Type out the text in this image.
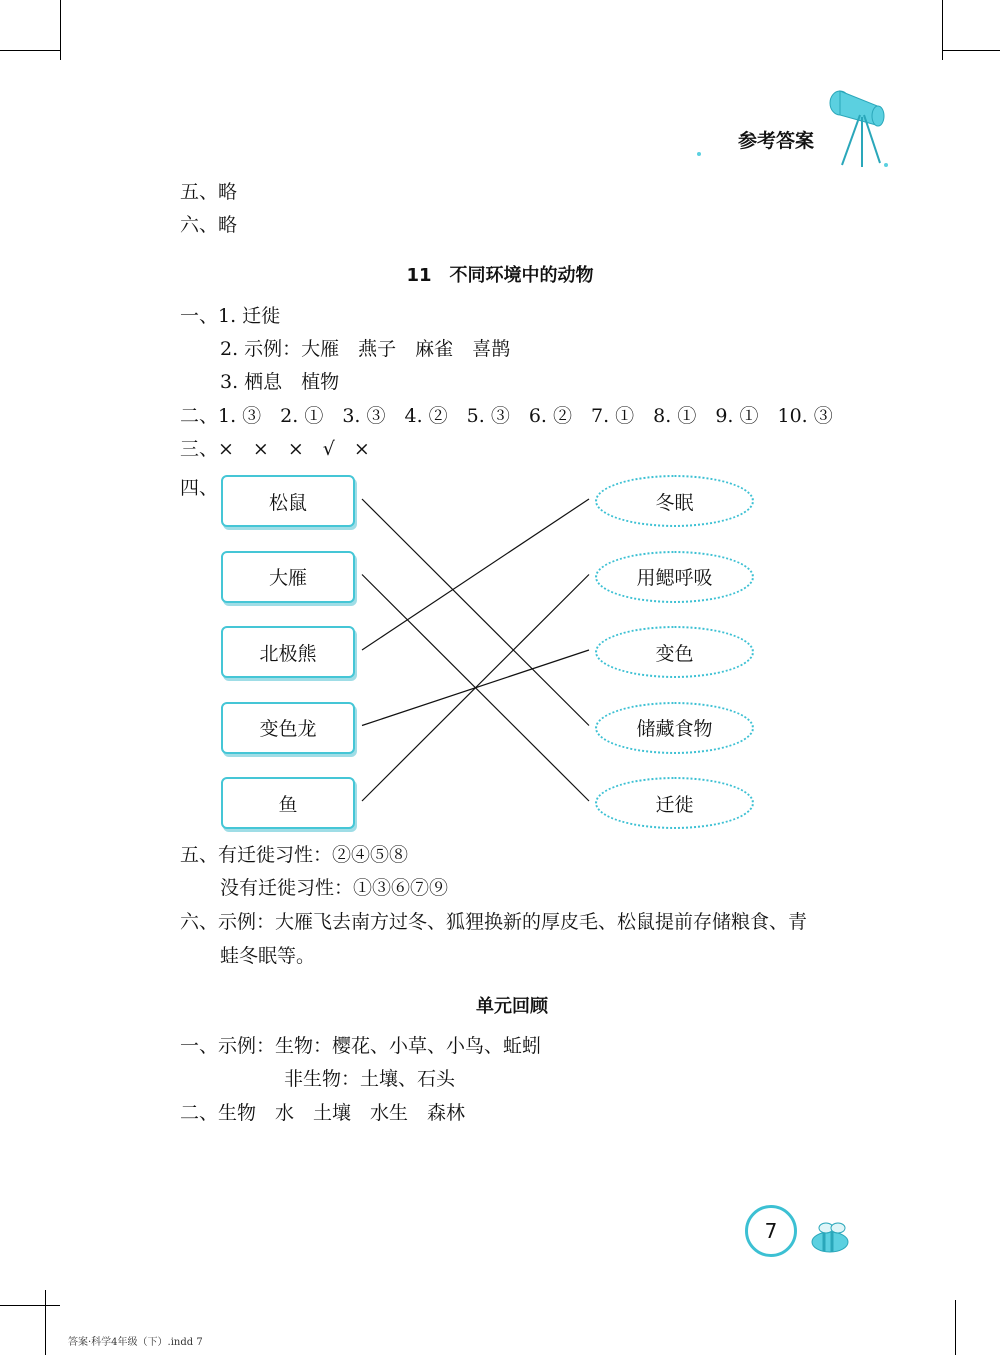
参考答案
五、略
六、略
11　不同环境中的动物
一、1. 迁徙
2. 示例：大雁　燕子　麻雀　喜鹊
3. 栖息　植物
二、1. ③　2. ①　3. ③　4. ②　5. ③　6. ②　7. ①　8. ①　9. ①　10. ③
三、×　×　×　√　×
四、
松鼠
大雁
北极熊
变色龙
鱼
冬眠
用鳃呼吸
变色
储藏食物
迁徙
五、有迁徙习性：②④⑤⑧
没有迁徙习性：①③⑥⑦⑨
六、示例：大雁飞去南方过冬、狐狸换新的厚皮毛、松鼠提前存储粮食、青
蛙冬眠等。
单元回顾
一、示例：生物：樱花、小草、小鸟、蚯蚓
非生物：土壤、石头
二、生物　水　土壤　水生　森林
7
答案·科学4年级（下）.indd 7
